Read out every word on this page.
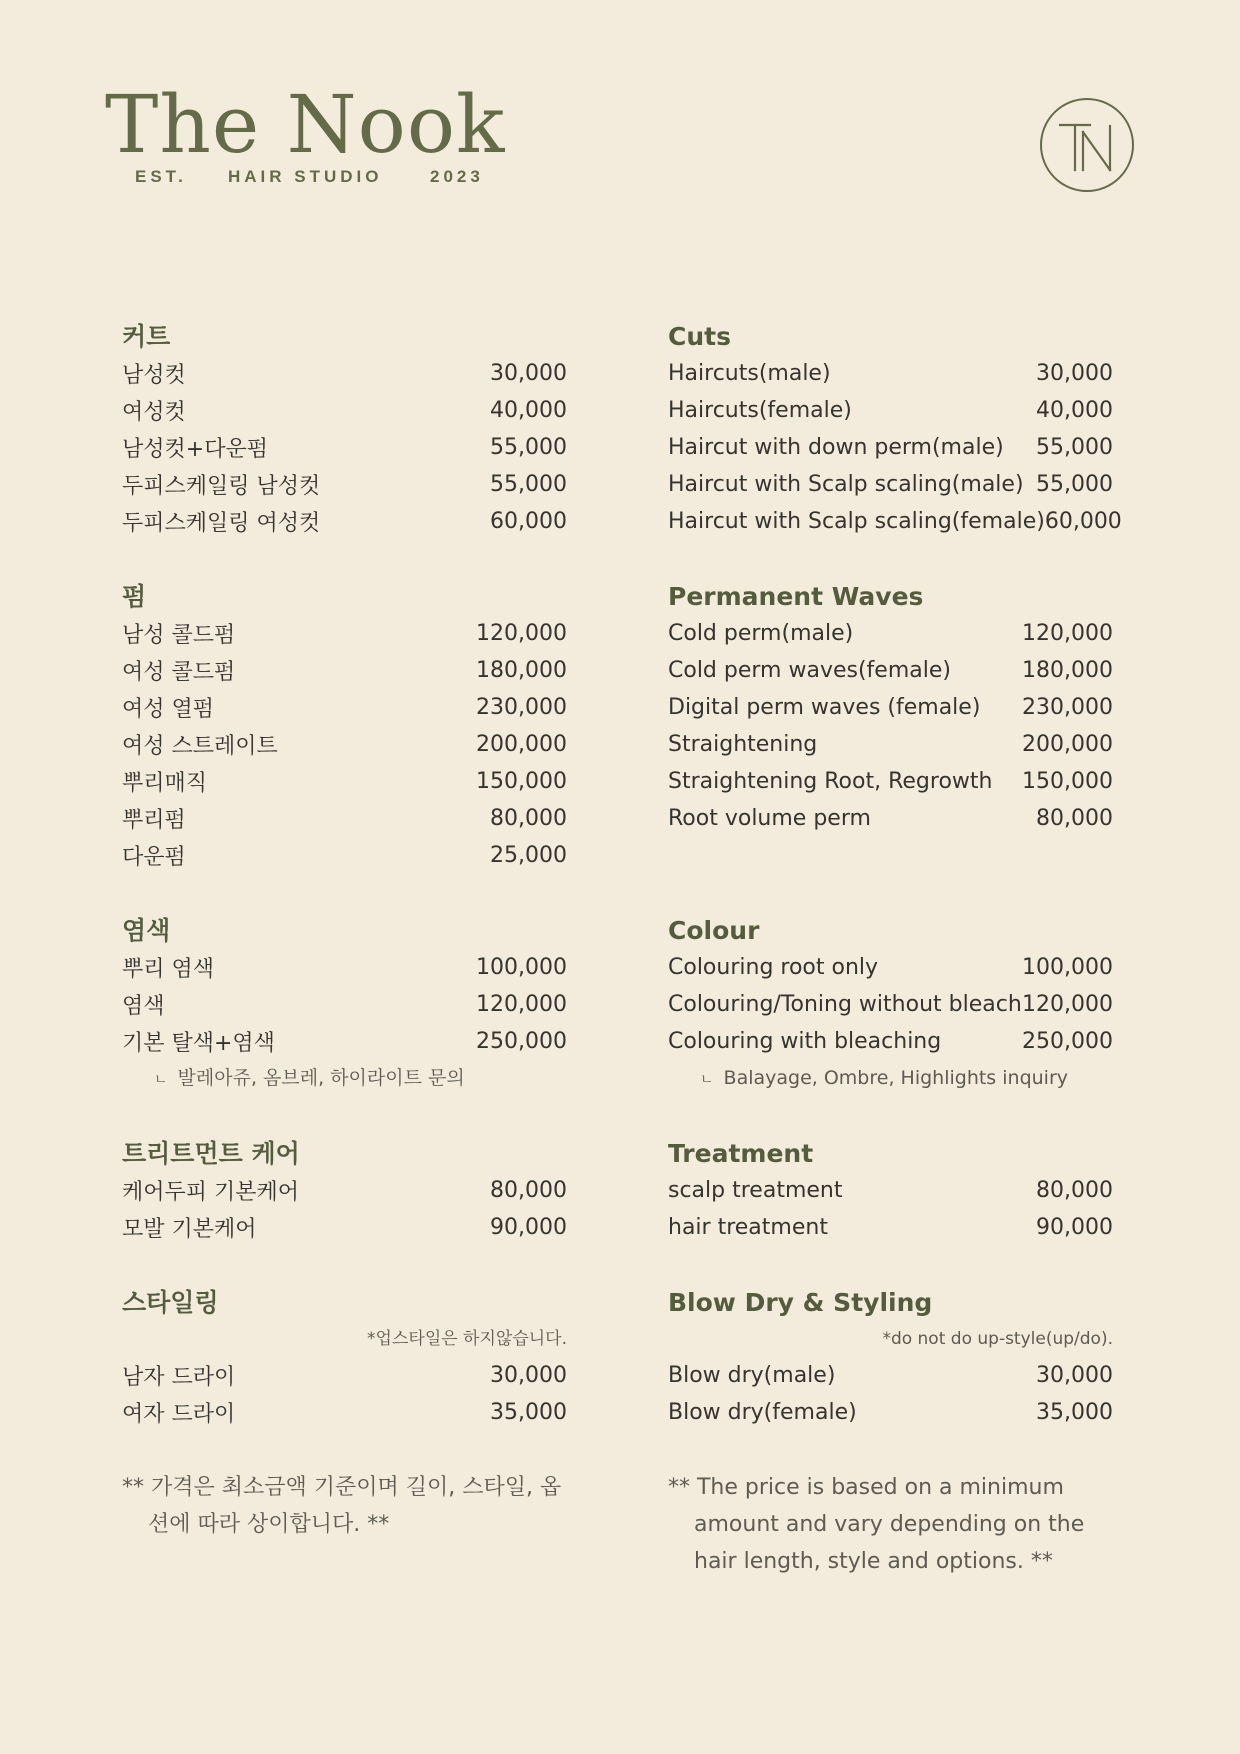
The Nook
EST. HAIR STUDIO	2023
커트
남성컷	30,000
여성컷	40,000
남성컷+다운펌	55,000
두피스케일링 남성컷	55,000
두피스케일링 여성컷	60,000
펌
남성 콜드펌	120,000
여성 콜드펌	180,000
여성 열펌	230,000
여성 스트레이트	200,000
뿌리매직	150,000
뿌리펌	80,000
다운펌	25,000
염색
뿌리 염색	100,000
염색	120,000
기본 탈색+염색	250,000
ㄴ 발레아쥬, 옴브레, 하이라이트 문의
트리트먼트 케어
케어두피 기본케어	80,000
모발 기본케어	90,000
스타일링
*업스타일은 하지않습니다.
남자 드라이	30,000
여자 드라이	35,000
** 가격은 최소금액 기준이며 길이, 스타일, 옵션에 따라 상이합니다. **
Cuts
Haircuts(male)	30,000
Haircuts(female)	40,000
Haircut with down perm(male) 55,000
Haircut with Scalp scaling(male) 55,000
Haircut with Scalp scaling(female) 60,000
Permanent Waves
Cold perm(male)	120,000
Cold perm waves(female)	180,000
Digital perm waves (female) 230,000
Straightening	200,000
Straightening Root, Regrowth 150,000
Root volume perm	80,000
Colour
Colouring root only	100,000
Colouring/Toning without bleach 120,000
Colouring with bleaching	250,000
ㄴ Balayage, Ombre, Highlights inquiry
Treatment
scalp treatment	80,000
hair treatment	90,000
Blow Dry & Styling
*do not do up-style(up/do).
Blow dry(male)	30,000
Blow dry(female)	35,000
** The price is based on a minimum amount and vary depending on the hair length, style and options. **
